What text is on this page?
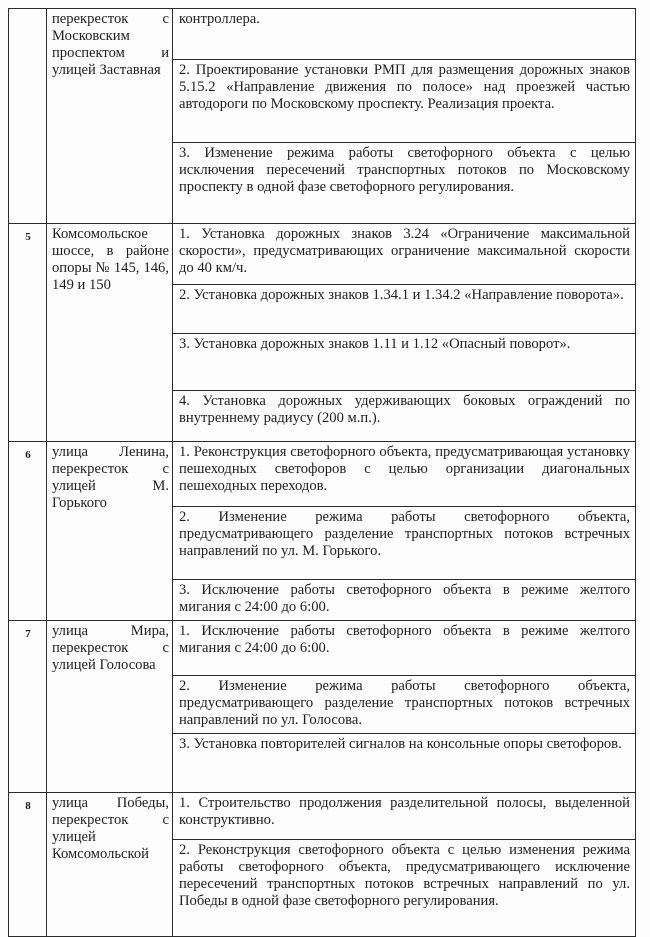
	перекресток с Московским проспектом и улицей Заставная	контроллера.
		2. Проектирование установки РМП для размещения дорожных знаков 5.15.2 «Направление движения по полосе» над проезжей частью автодороги по Московскому проспекту. Реализация проекта.
		3. Изменение режима работы светофорного объекта с целью исключения пересечений транспортных потоков по Московскому проспекту в одной фазе светофорного регулирования.
5	Комсомольское шоссе, в районе опоры № 145, 146, 149 и 150	1. Установка дорожных знаков 3.24 «Ограничение максимальной скорости», предусматривающих ограничение максимальной скорости до 40 км/ч.
		2. Установка дорожных знаков 1.34.1 и 1.34.2 «Направление поворота».
		3. Установка дорожных знаков 1.11 и 1.12 «Опасный поворот».
		4. Установка дорожных удерживающих боковых ограждений по внутреннему радиусу (200 м.п.).
6	улица Ленина, перекресток с улицей М. Горького	1. Реконструкция светофорного объекта, предусматривающая установку пешеходных светофоров с целью организации диагональных пешеходных переходов.
		2. Изменение режима работы светофорного объекта, предусматривающего разделение транспортных потоков встречных направлений по ул. М. Горького.
		3. Исключение работы светофорного объекта в режиме желтого мигания с 24:00 до 6:00.
7	улица Мира, перекресток с улицей Голосова	1. Исключение работы светофорного объекта в режиме желтого мигания с 24:00 до 6:00.
		2. Изменение режима работы светофорного объекта, предусматривающего разделение транспортных потоков встречных направлений по ул. Голосова.
		3. Установка повторителей сигналов на консольные опоры светофоров.
8	улица Победы, перекресток с улицей Комсомольской	1. Строительство продолжения разделительной полосы, выделенной конструктивно.
		2. Реконструкция светофорного объекта с целью изменения режима работы светофорного объекта, предусматривающего исключение пересечений транспортных потоков встречных направлений по ул. Победы в одной фазе светофорного регулирования.
